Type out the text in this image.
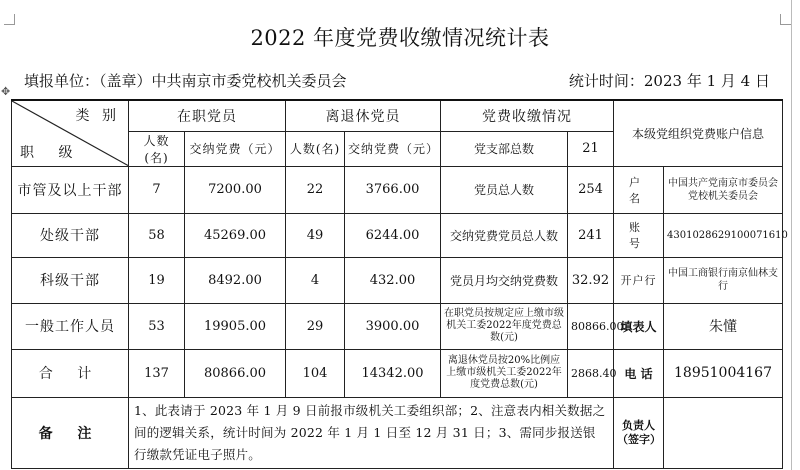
2022 年度党费收缴情况统计表
填报单位：（盖章）中共南京市委党校机关委员会	统计时间：2023 年 1 月 4 日
✥
类 别
职 级	在职党员		离退休党员		党费收缴情况		本级党组织党费账户信息	
	人数(名)	交纳党费（元）	人数(名)	交纳党费（元）	党支部总数	21		
市管及以上干部	7	7200.00	22	3766.00	党员总人数	254	户 名	中国共产党南京市委员会党校机关委员会
处级干部	58	45269.00	49	6244.00	交纳党费党员总人数	241	账 号	4301028629100071610
科级干部	19	8492.00	4	432.00	党员月均交纳党费数	32.92	开户行	中国工商银行南京仙林支行
一般工作人员	53	19905.00	29	3900.00	在职党员按规定应上缴市级机关工委2022年度党费总数(元)	80866.00	填表人	朱懂
合 计	137	80866.00	104	14342.00	离退休党员按20%比例应上缴市级机关工委2022年度党费总数(元)	2868.40	电 话	18951004167
备 注	1、此表请于 2023 年 1 月 9 日前报市级机关工委组织部；2、注意表内相关数据之间的逻辑关系，统计时间为 2022 年 1 月 1 日至 12 月 31 日；3、需同步报送银行缴款凭证电子照片。						负责人（签字）	
